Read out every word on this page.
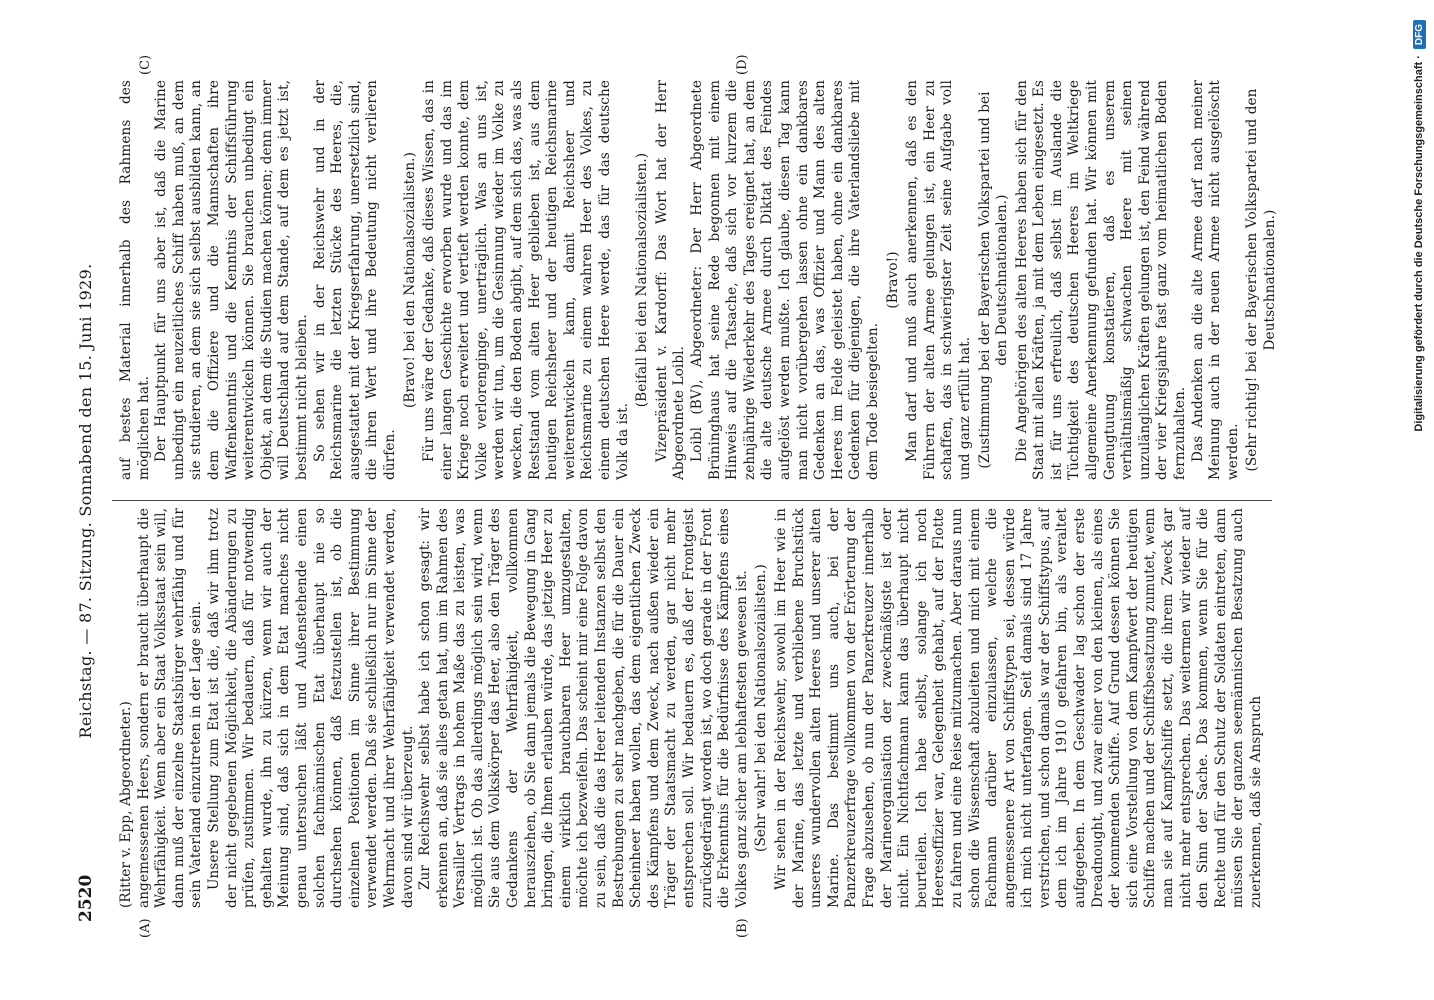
2520
Reichstag. — 87. Sitzung. Sonnabend den 15. Juni 1929.
(A)	(B)
(C)	(D)

(Ritter v. Epp, Abgeordneter.) angemessenen Heers, sondern er braucht überhaupt die Wehrfähigkeit. Wenn aber ein Staat Volksstaat sein will, dann muß der einzelne Staatsbürger wehrfähig und für sein Vaterland einzutreten in der Lage sein. Unsere Stellung zum Etat ist die, daß wir ihm trotz der nicht gegebenen Möglichkeit, die Abänderungen zu prüfen, zustimmen. Wir bedauern, daß für notwendig gehalten wurde, ihn zu kürzen, wenn wir auch der Meinung sind, daß sich in dem Etat manches nicht genau untersuchen läßt und Außenstehende einen solchen fachmännischen Etat überhaupt nie so durchsehen können, daß festzustellen ist, ob die einzelnen Positionen im Sinne ihrer Bestimmung verwendet werden. Daß sie schließlich nur im Sinne der Wehrmacht und ihrer Wehrfähigkeit verwendet werden, davon sind wir überzeugt. Zur Reichswehr selbst habe ich schon gesagt: wir erkennen an, daß sie alles getan hat, um im Rahmen des Versailler Vertrags in hohem Maße das zu leisten, was möglich ist. Ob das allerdings möglich sein wird, wenn Sie aus dem Volkskörper das Heer, also den Träger des Gedankens der Wehrfähigkeit, vollkommen herausziehen, ob Sie dann jemals die Bewegung in Gang bringen, die Ihnen erlauben würde, das jetzige Heer zu einem wirklich brauchbaren Heer umzugestalten, möchte ich bezweifeln. Das scheint mir eine Folge davon zu sein, daß die das Heer leitenden Instanzen selbst den Bestrebungen zu sehr nachgeben, die für die Dauer ein Scheinheer haben wollen, das dem eigentlichen Zweck des Kämpfens und dem Zweck, nach außen wieder ein Träger der Staatsmacht zu werden, gar nicht mehr entsprechen soll. Wir bedauern es, daß der Frontgeist zurückgedrängt worden ist, wo doch gerade in der Front die Erkenntnis für die Bedürfnisse des Kämpfens eines Volkes ganz sicher am lebhaftesten gewesen ist. (Sehr wahr! bei den Nationalsozialisten.) Wir sehen in der Reichswehr, sowohl im Heer wie in der Marine, das letzte und verbliebene Bruchstück unseres wundervollen alten Heeres und unserer alten Marine. Das bestimmt uns auch, bei der Panzerkreuzerfrage vollkommen von der Erörterung der Frage abzusehen, ob nun der Panzerkreuzer innerhalb der Marineorganisation der zweckmäßigste ist oder nicht. Ein Nichtfachmann kann das überhaupt nicht beurteilen. Ich habe selbst, solange ich noch Heeresoffizier war, Gelegenheit gehabt, auf der Flotte zu fahren und eine Reise mitzumachen. Aber daraus nun schon die Wissenschaft abzuleiten und mich mit einem Fachmann darüber einzulassen, welche die angemessenere Art von Schiffstypen sei, dessen würde ich mich nicht unterfangen. Seit damals sind 17 Jahre verstrichen, und schon damals war der Schiffstypus, auf dem ich im Jahre 1910 gefahren bin, als veraltet aufgegeben. In dem Geschwader lag schon der erste Dreadnought, und zwar einer von den kleinen, als eines der kommenden Schiffe. Auf Grund dessen können Sie sich eine Vorstellung von dem Kampfwert der heutigen Schiffe machen und der Schiffsbesatzung zumutet, wenn man sie auf Kampfschiffe setzt, die ihrem Zweck gar nicht mehr entsprechen. Das weitermen wir wieder auf den Sinn der Sache. Das kommen, wenn Sie für die Rechte und für den Schutz der Soldaten eintreten, dann müssen Sie der ganzen seemännischen Besatzung auch zuerkennen, daß sie Anspruch

auf bestes Material innerhalb des Rahmens des möglichen hat. Der Hauptpunkt für uns aber ist, daß die Marine unbedingt ein neuzeitliches Schiff haben muß, an dem sie studieren, an dem sie sich selbst ausbilden kann, an dem die Offiziere und die Mannschaften ihre Waffenkenntnis und die Kenntnis der Schiffsführung weiterentwickeln können. Sie brauchen unbedingt ein Objekt, an dem die Studien machen können; denn immer will Deutschland auf dem Stande, auf dem es jetzt ist, bestimmt nicht bleiben. So sehen wir in der Reichswehr und in der Reichsmarine die letzten Stücke des Heeres, die, ausgestattet mit der Kriegserfahrung, unersetzlich sind, die ihren Wert und ihre Bedeutung nicht verlieren dürfen.

(Bravo! bei den Nationalsozialisten.) Für uns wäre der Gedanke, daß dieses Wissen, das in einer langen Geschichte erworben wurde und das im Kriege noch erweitert und vertieft werden konnte, dem Volke verlorenginge, unerträglich. Was an uns ist, werden wir tun, um die Gesinnung wieder im Volke zu wecken, die den Boden abgibt, auf dem sich das, was als Reststand vom alten Heer geblieben ist, aus dem heutigen Reichsheer und der heutigen Reichsmarine weiterentwickeln kann, damit Reichsheer und Reichsmarine zu einem wahren Heer des Volkes, zu einem deutschen Heere werde, das für das deutsche Volk da ist.

(Beifall bei den Nationalsozialisten.) Vizepräsident v. Kardorff: Das Wort hat der Herr Abgeordnete Loibl. Loibl (BV), Abgeordneter: Der Herr Abgeordnete Brüninghaus hat seine Rede begonnen mit einem Hinweis auf die Tatsache, daß sich vor kurzem die zehnjährige Wiederkehr des Tages ereignet hat, an dem die alte deutsche Armee durch Diktat des Feindes aufgelöst werden mußte. Ich glaube, diesen Tag kann man nicht vorübergehen lassen ohne ein dankbares Gedenken an das, was Offizier und Mann des alten Heeres im Felde geleistet haben, ohne ein dankbares Gedenken für diejenigen, die ihre Vaterlandsliebe mit dem Tode besiegelten.

(Bravo!) Man darf und muß auch anerkennen, daß es den Führern der alten Armee gelungen ist, ein Heer zu schaffen, das in schwierigster Zeit seine Aufgabe voll und ganz erfüllt hat. (Zustimmung bei der Bayerischen Volkspartei und bei den Deutschnationalen.) Die Angehörigen des alten Heeres haben sich für den Staat mit allen Kräften, ja mit dem Leben eingesetzt. Es ist für uns erfreulich, daß selbst im Auslande die Tüchtigkeit des deutschen Heeres im Weltkriege allgemeine Anerkennung gefunden hat. Wir können mit Genugtuung konstatieren, daß es unserem verhältnismäßig schwachen Heere mit seinen unzulänglichen Kräften gelungen ist, den Feind während der vier Kriegsjahre fast ganz vom heimatlichen Boden fernzuhalten. Das Andenken an die alte Armee darf nach meiner Meinung auch in der neuen Armee nicht ausgelöscht werden. (Sehr richtig! bei der Bayerischen Volkspartei und den Deutschnationalen.)	Digitalisierung gefördert durch die Deutsche Forschungsgemeinschaft ·
DFG
